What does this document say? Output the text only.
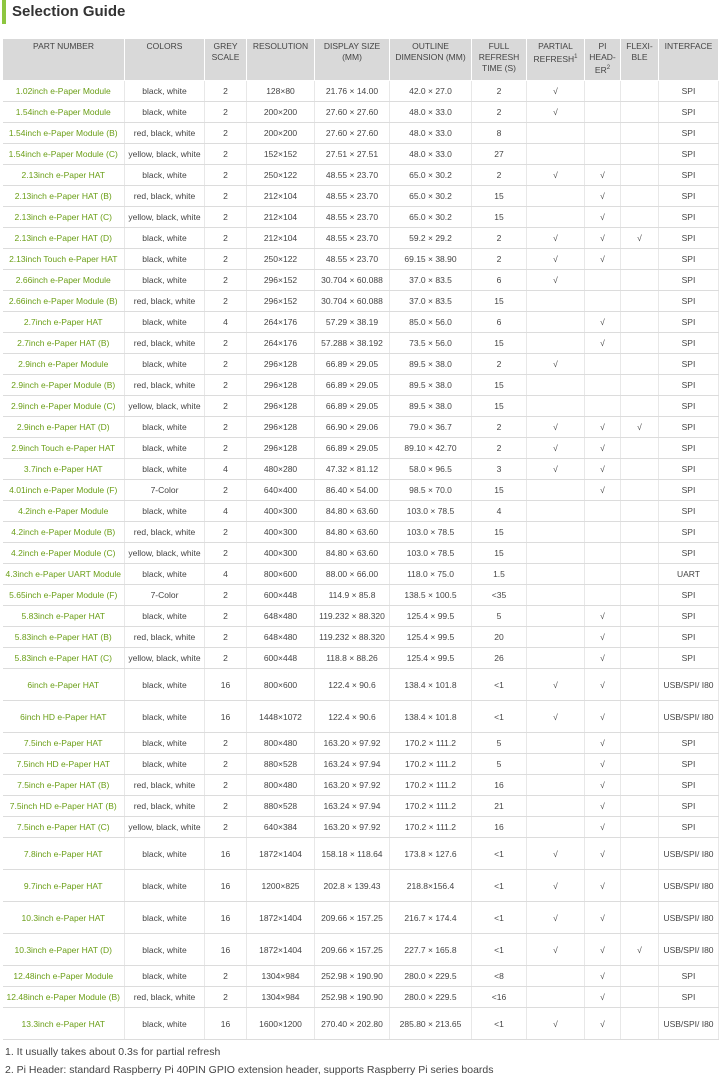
Selection Guide
PART NUMBER	COLORS	GREY SCALE	RESOLUTION	DISPLAY SIZE (MM)	OUTLINE DIMENSION (MM)	FULL REFRESH TIME (S)	PARTIAL REFRESH$^1$	PI HEAD-$ER^2$	FLEXI-BLE	INTERFACE
1.02inch e-Paper Module	black, white	2	128×80	21.76 × 14.00	42.0 × 27.0	2	√			SPI
1.54inch e-Paper Module	black, white	2	200×200	27.60 × 27.60	48.0 × 33.0	2	√			SPI
1.54inch e-Paper Module (B)	red, black, white	2	200×200	27.60 × 27.60	48.0 × 33.0	8				SPI
1.54inch e-Paper Module (C)	yellow, black, white	2	152×152	27.51 × 27.51	48.0 × 33.0	27				SPI
2.13inch e-Paper HAT	black, white	2	250×122	48.55 × 23.70	65.0 × 30.2	2	√	√		SPI
2.13inch e-Paper HAT (B)	red, black, white	2	212×104	48.55 × 23.70	65.0 × 30.2	15		√		SPI
2.13inch e-Paper HAT (C)	yellow, black, white	2	212×104	48.55 × 23.70	65.0 × 30.2	15		√		SPI
2.13inch e-Paper HAT (D)	black, white	2	212×104	48.55 × 23.70	59.2 × 29.2	2	√	√	√	SPI
2.13inch Touch e-Paper HAT	black, white	2	250×122	48.55 × 23.70	69.15 × 38.90	2	√	√		SPI
2.66inch e-Paper Module	black, white	2	296×152	30.704 × 60.088	37.0 × 83.5	6	√			SPI
2.66inch e-Paper Module (B)	red, black, white	2	296×152	30.704 × 60.088	37.0 × 83.5	15				SPI
2.7inch e-Paper HAT	black, white	4	264×176	57.29 × 38.19	85.0 × 56.0	6		√		SPI
2.7inch e-Paper HAT (B)	red, black, white	2	264×176	57.288 × 38.192	73.5 × 56.0	15		√		SPI
2.9inch e-Paper Module	black, white	2	296×128	66.89 × 29.05	89.5 × 38.0	2	√			SPI
2.9inch e-Paper Module (B)	red, black, white	2	296×128	66.89 × 29.05	89.5 × 38.0	15				SPI
2.9inch e-Paper Module (C)	yellow, black, white	2	296×128	66.89 × 29.05	89.5 × 38.0	15				SPI
2.9inch e-Paper HAT (D)	black, white	2	296×128	66.90 × 29.06	79.0 × 36.7	2	√	√	√	SPI
2.9inch Touch e-Paper HAT	black, white	2	296×128	66.89 × 29.05	89.10 × 42.70	2	√	√		SPI
3.7inch e-Paper HAT	black, white	4	480×280	47.32 × 81.12	58.0 × 96.5	3	√	√		SPI
4.01inch e-Paper Module (F)	7-Color	2	640×400	86.40 × 54.00	98.5 × 70.0	15		√		SPI
4.2inch e-Paper Module	black, white	4	400×300	84.80 × 63.60	103.0 × 78.5	4				SPI
4.2inch e-Paper Module (B)	red, black, white	2	400×300	84.80 × 63.60	103.0 × 78.5	15				SPI
4.2inch e-Paper Module (C)	yellow, black, white	2	400×300	84.80 × 63.60	103.0 × 78.5	15				SPI
4.3inch e-Paper UART Module	black, white	4	800×600	88.00 × 66.00	118.0 × 75.0	1.5				UART
5.65inch e-Paper Module (F)	7-Color	2	600×448	114.9 × 85.8	138.5 × 100.5	<35				SPI
5.83inch e-Paper HAT	black, white	2	648×480	119.232 × 88.320	125.4 × 99.5	5		√		SPI
5.83inch e-Paper HAT (B)	red, black, white	2	648×480	119.232 × 88.320	125.4 × 99.5	20		√		SPI
5.83inch e-Paper HAT (C)	yellow, black, white	2	600×448	118.8 × 88.26	125.4 × 99.5	26		√		SPI
6inch e-Paper HAT	black, white	16	800×600	122.4 × 90.6	138.4 × 101.8	<1	√	√		USB/SPI/ I80
6inch HD e-Paper HAT	black, white	16	1448×1072	122.4 × 90.6	138.4 × 101.8	<1	√	√		USB/SPI/ I80
7.5inch e-Paper HAT	black, white	2	800×480	163.20 × 97.92	170.2 × 111.2	5		√		SPI
7.5inch HD e-Paper HAT	black, white	2	880×528	163.24 × 97.94	170.2 × 111.2	5		√		SPI
7.5inch e-Paper HAT (B)	red, black, white	2	800×480	163.20 × 97.92	170.2 × 111.2	16		√		SPI
7.5inch HD e-Paper HAT (B)	red, black, white	2	880×528	163.24 × 97.94	170.2 × 111.2	21		√		SPI
7.5inch e-Paper HAT (C)	yellow, black, white	2	640×384	163.20 × 97.92	170.2 × 111.2	16		√		SPI
7.8inch e-Paper HAT	black, white	16	1872×1404	158.18 × 118.64	173.8 × 127.6	<1	√	√		USB/SPI/ I80
9.7inch e-Paper HAT	black, white	16	1200×825	202.8 × 139.43	218.8×156.4	<1	√	√		USB/SPI/ I80
10.3inch e-Paper HAT	black, white	16	1872×1404	209.66 × 157.25	216.7 × 174.4	<1	√	√		USB/SPI/ I80
10.3inch e-Paper HAT (D)	black, white	16	1872×1404	209.66 × 157.25	227.7 × 165.8	<1	√	√	√	USB/SPI/ I80
12.48inch e-Paper Module	black, white	2	1304×984	252.98 × 190.90	280.0 × 229.5	<8		√		SPI
12.48inch e-Paper Module (B)	red, black, white	2	1304×984	252.98 × 190.90	280.0 × 229.5	<16		√		SPI
13.3inch e-Paper HAT	black, white	16	1600×1200	270.40 × 202.80	285.80 × 213.65	<1	√	√		USB/SPI/ I80
1. It usually takes about 0.3s for partial refresh
2. Pi Header: standard Raspberry Pi 40PIN GPIO extension header, supports Raspberry Pi series boards
